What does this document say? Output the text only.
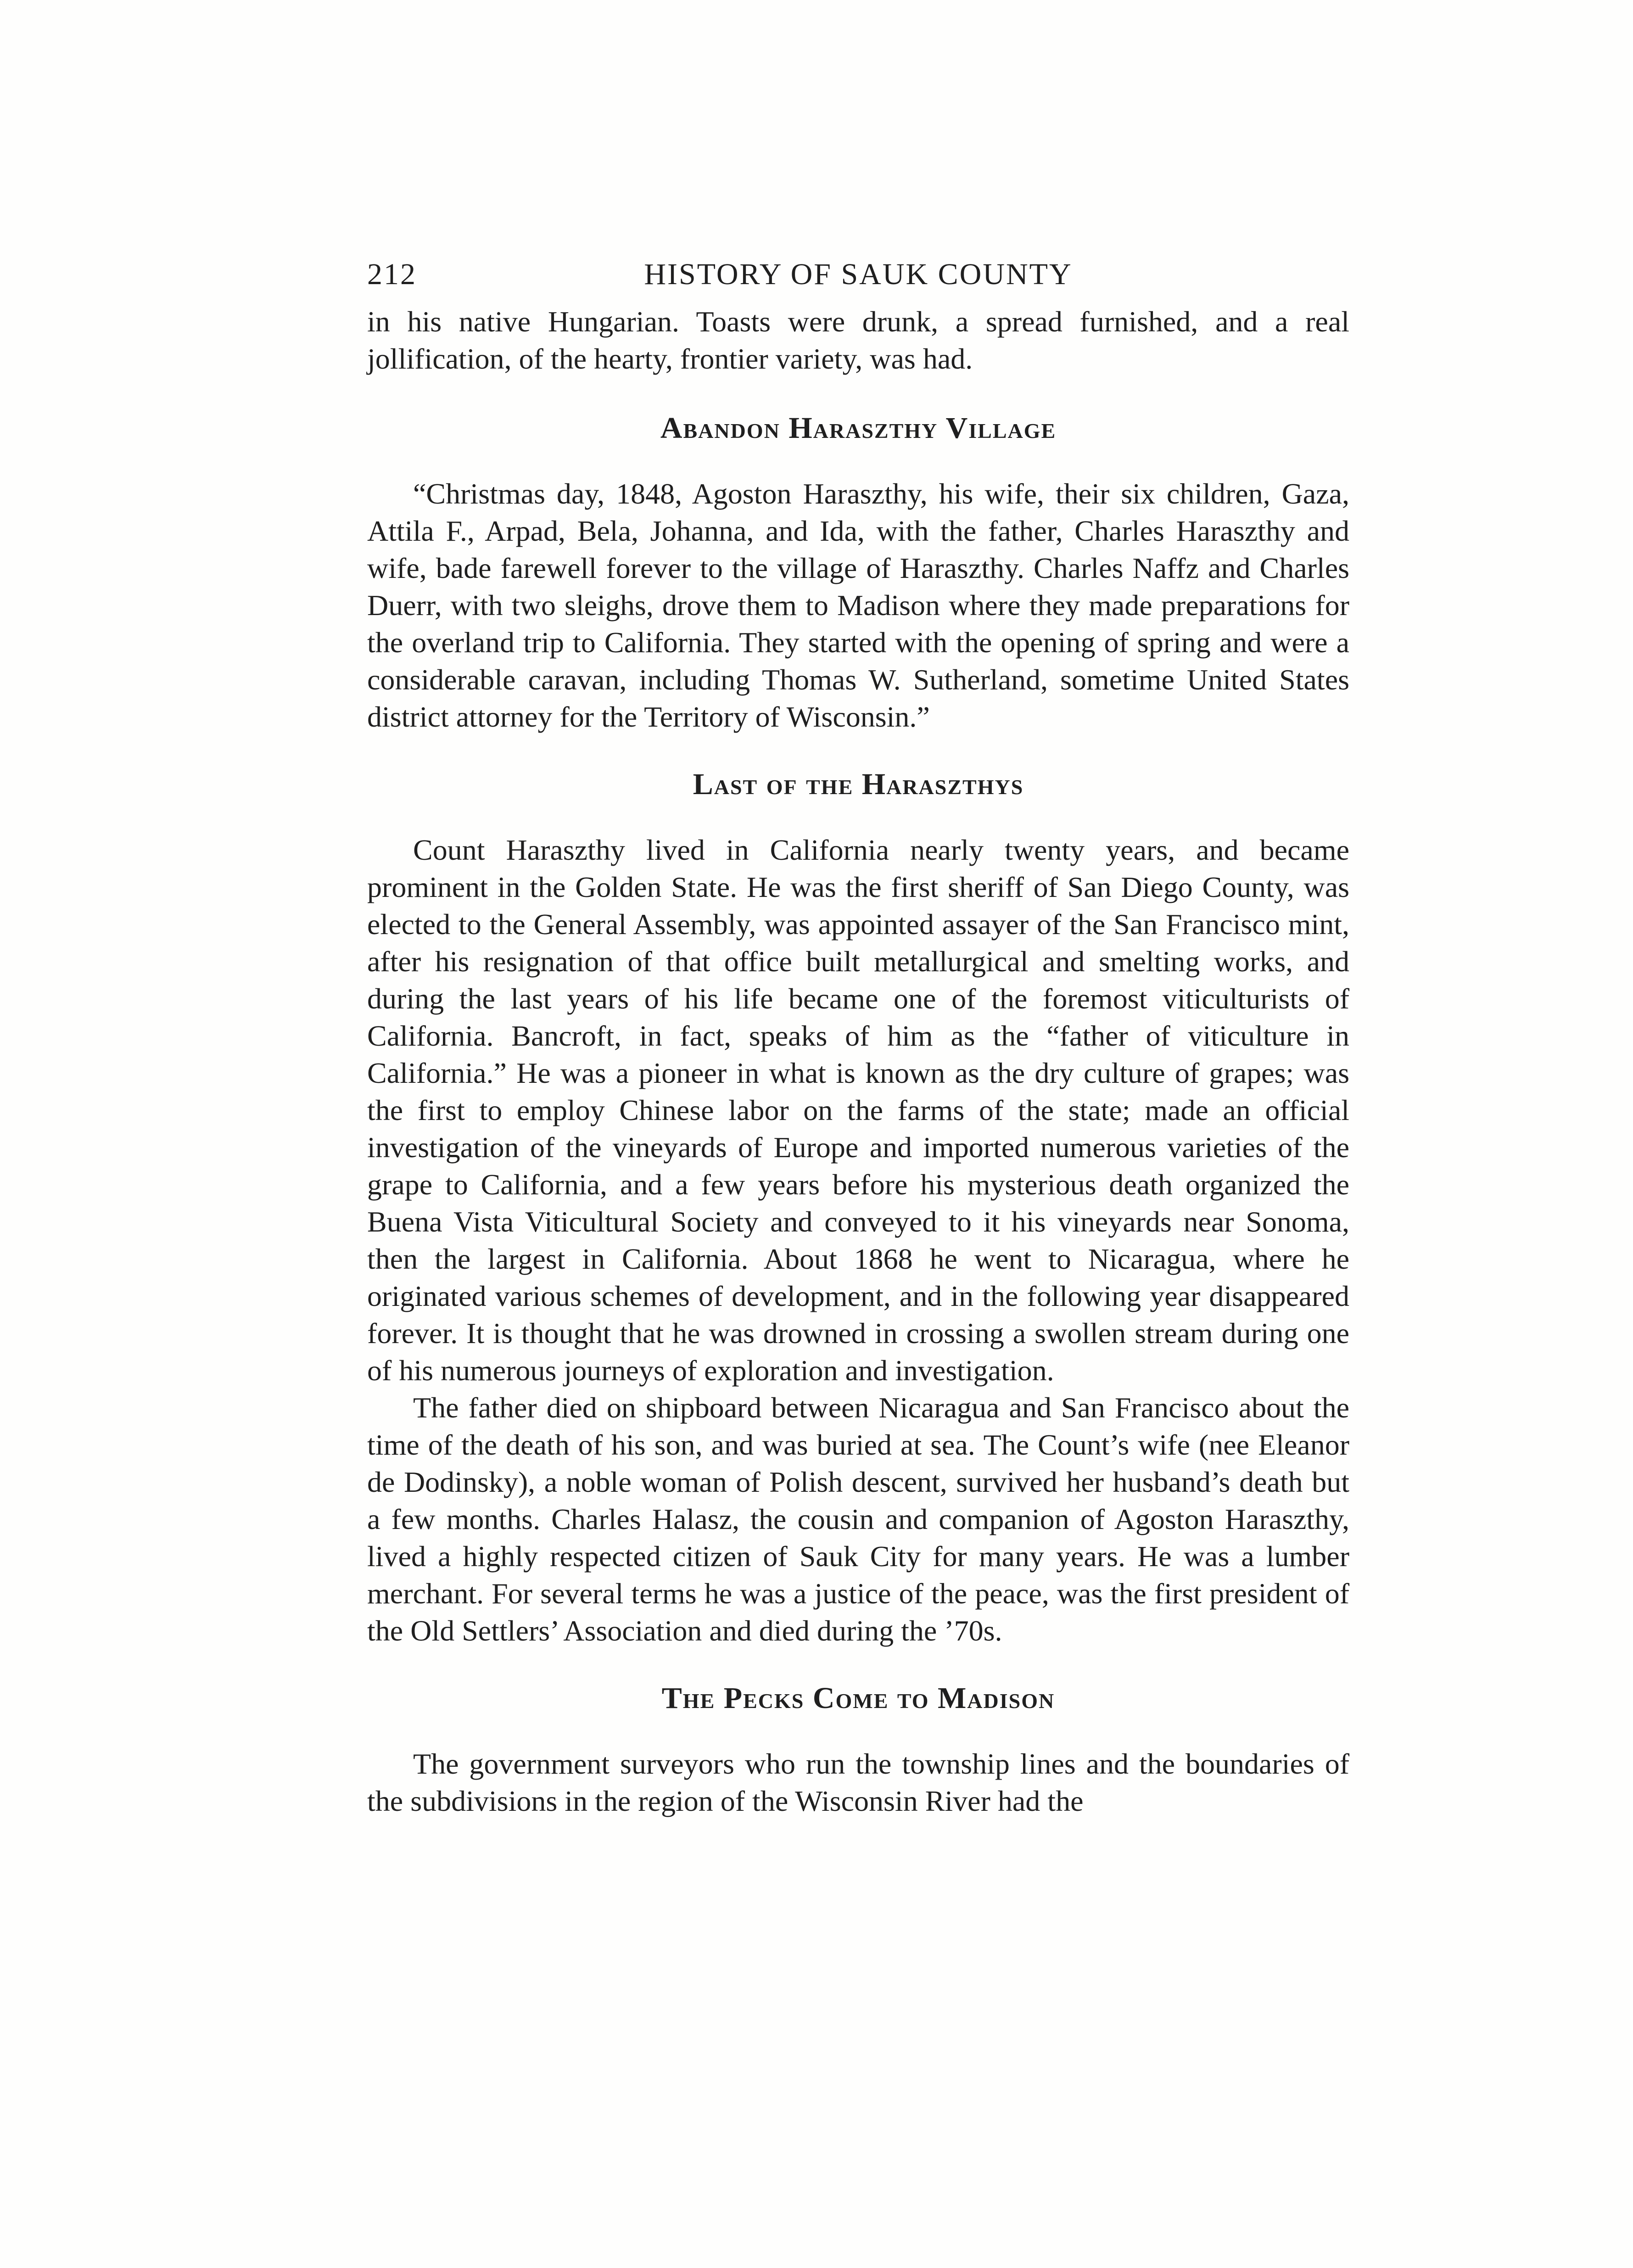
212	HISTORY OF SAUK COUNTY

in his native Hungarian. Toasts were drunk, a spread furnished, and a real jollification, of the hearty, frontier variety, was had.

Abandon Haraszthy Village

“Christmas day, 1848, Agoston Haraszthy, his wife, their six children, Gaza, Attila F., Arpad, Bela, Johanna, and Ida, with the father, Charles Haraszthy and wife, bade farewell forever to the village of Haraszthy. Charles Naffz and Charles Duerr, with two sleighs, drove them to Madison where they made preparations for the overland trip to California. They started with the opening of spring and were a considerable caravan, including Thomas W. Sutherland, sometime United States district attorney for the Territory of Wisconsin.”

Last of the Haraszthys

Count Haraszthy lived in California nearly twenty years, and became prominent in the Golden State. He was the first sheriff of San Diego County, was elected to the General Assembly, was appointed assayer of the San Francisco mint, after his resignation of that office built metallurgical and smelting works, and during the last years of his life became one of the foremost viticulturists of California. Bancroft, in fact, speaks of him as the “father of viticulture in California.” He was a pioneer in what is known as the dry culture of grapes; was the first to employ Chinese labor on the farms of the state; made an official investigation of the vineyards of Europe and imported numerous varieties of the grape to California, and a few years before his mysterious death organized the Buena Vista Viticultural Society and conveyed to it his vineyards near Sonoma, then the largest in California. About 1868 he went to Nicaragua, where he originated various schemes of development, and in the following year disappeared forever. It is thought that he was drowned in crossing a swollen stream during one of his numerous journeys of exploration and investigation.

The father died on shipboard between Nicaragua and San Francisco about the time of the death of his son, and was buried at sea. The Count’s wife (nee Eleanor de Dodinsky), a noble woman of Polish descent, survived her husband’s death but a few months. Charles Halasz, the cousin and companion of Agoston Haraszthy, lived a highly respected citizen of Sauk City for many years. He was a lumber merchant. For several terms he was a justice of the peace, was the first president of the Old Settlers’ Association and died during the ’70s.

The Pecks Come to Madison

The government surveyors who run the township lines and the boundaries of the subdivisions in the region of the Wisconsin River had the
